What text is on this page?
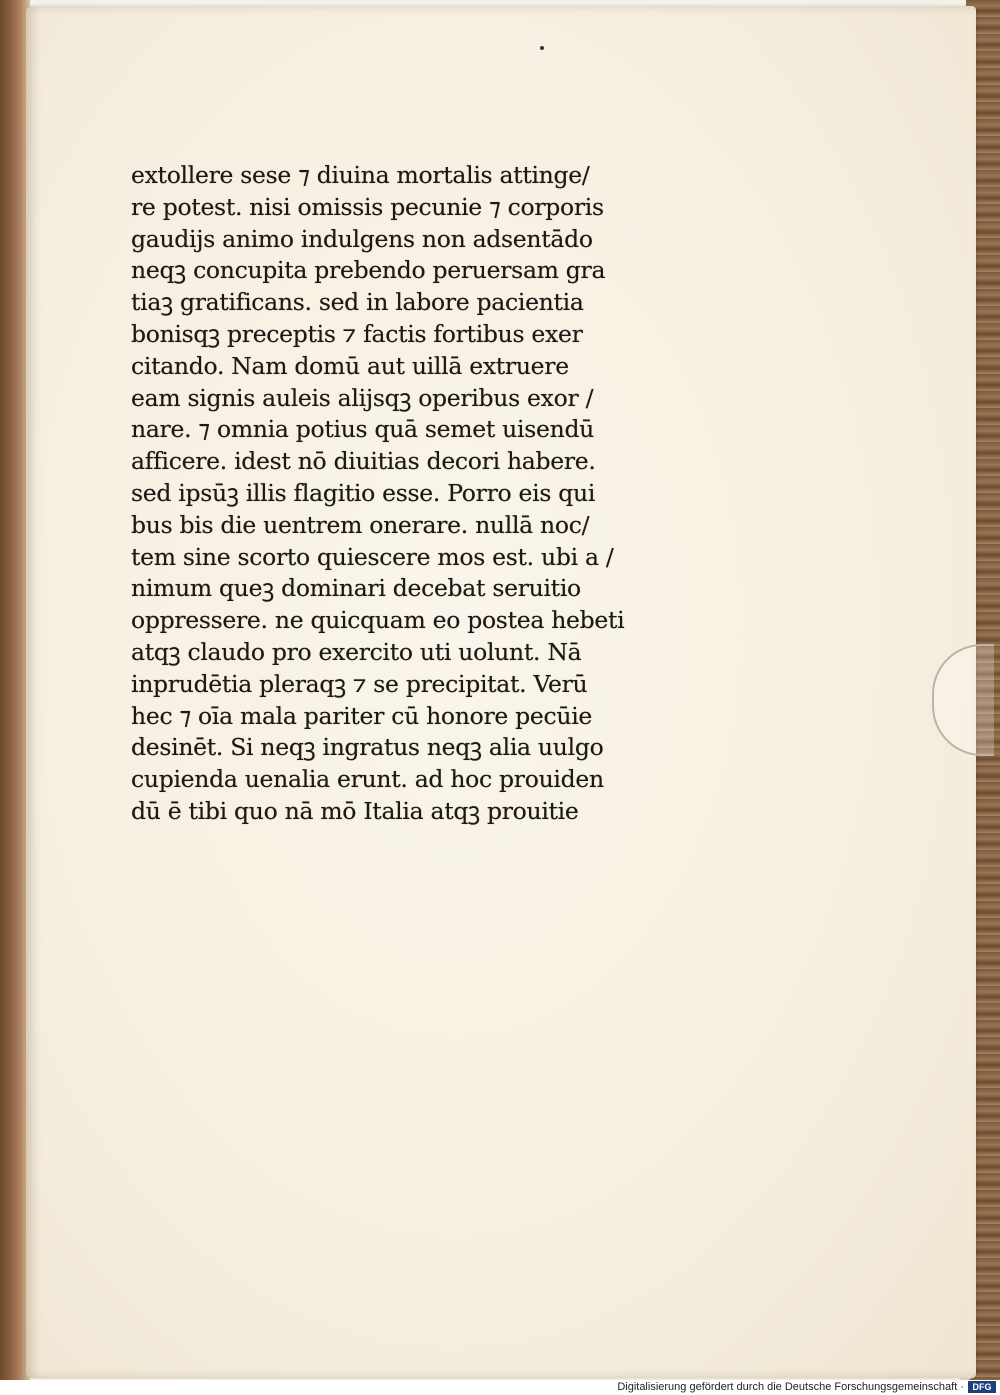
extollere sese ⁊ diuina mortalis attinge/
re potest. nisi omissis pecunie ⁊ corporis
gaudijs animo indulgens non adsentādo
neqꝫ concupita prebendo peruersam gra
tiaꝫ gratificans. sed in labore pacientia
bonisqꝫ preceptis ⁊ factis fortibus exer
citando. Nam domū aut uillā extruere
eam signis auleis alijsqꝫ operibus exor /
nare. ⁊ omnia potius quā semet uisendū
afficere. idest nō diuitias decori habere.
sed ipsūꝫ illis flagitio esse. Porro eis qui
bus bis die uentrem onerare. nullā noc/
tem sine scorto quiescere mos est. ubi a /
nimum queꝫ dominari decebat seruitio
oppressere. ne quicquam eo postea hebeti
atqꝫ claudo pro exercito uti uolunt. Nā
inprudētia pleraqꝫ ⁊ se precipitat. Verū
hec ⁊ oīa mala pariter cū honore pecūie
desinēt. Si neqꝫ ingratus neqꝫ alia uulgo
cupienda uenalia erunt. ad hoc prouiden
dū ē tibi quo nā mō Italia atqꝫ prouitie
Digitalisierung gefördert durch die Deutsche Forschungsgemeinschaft · DFG
